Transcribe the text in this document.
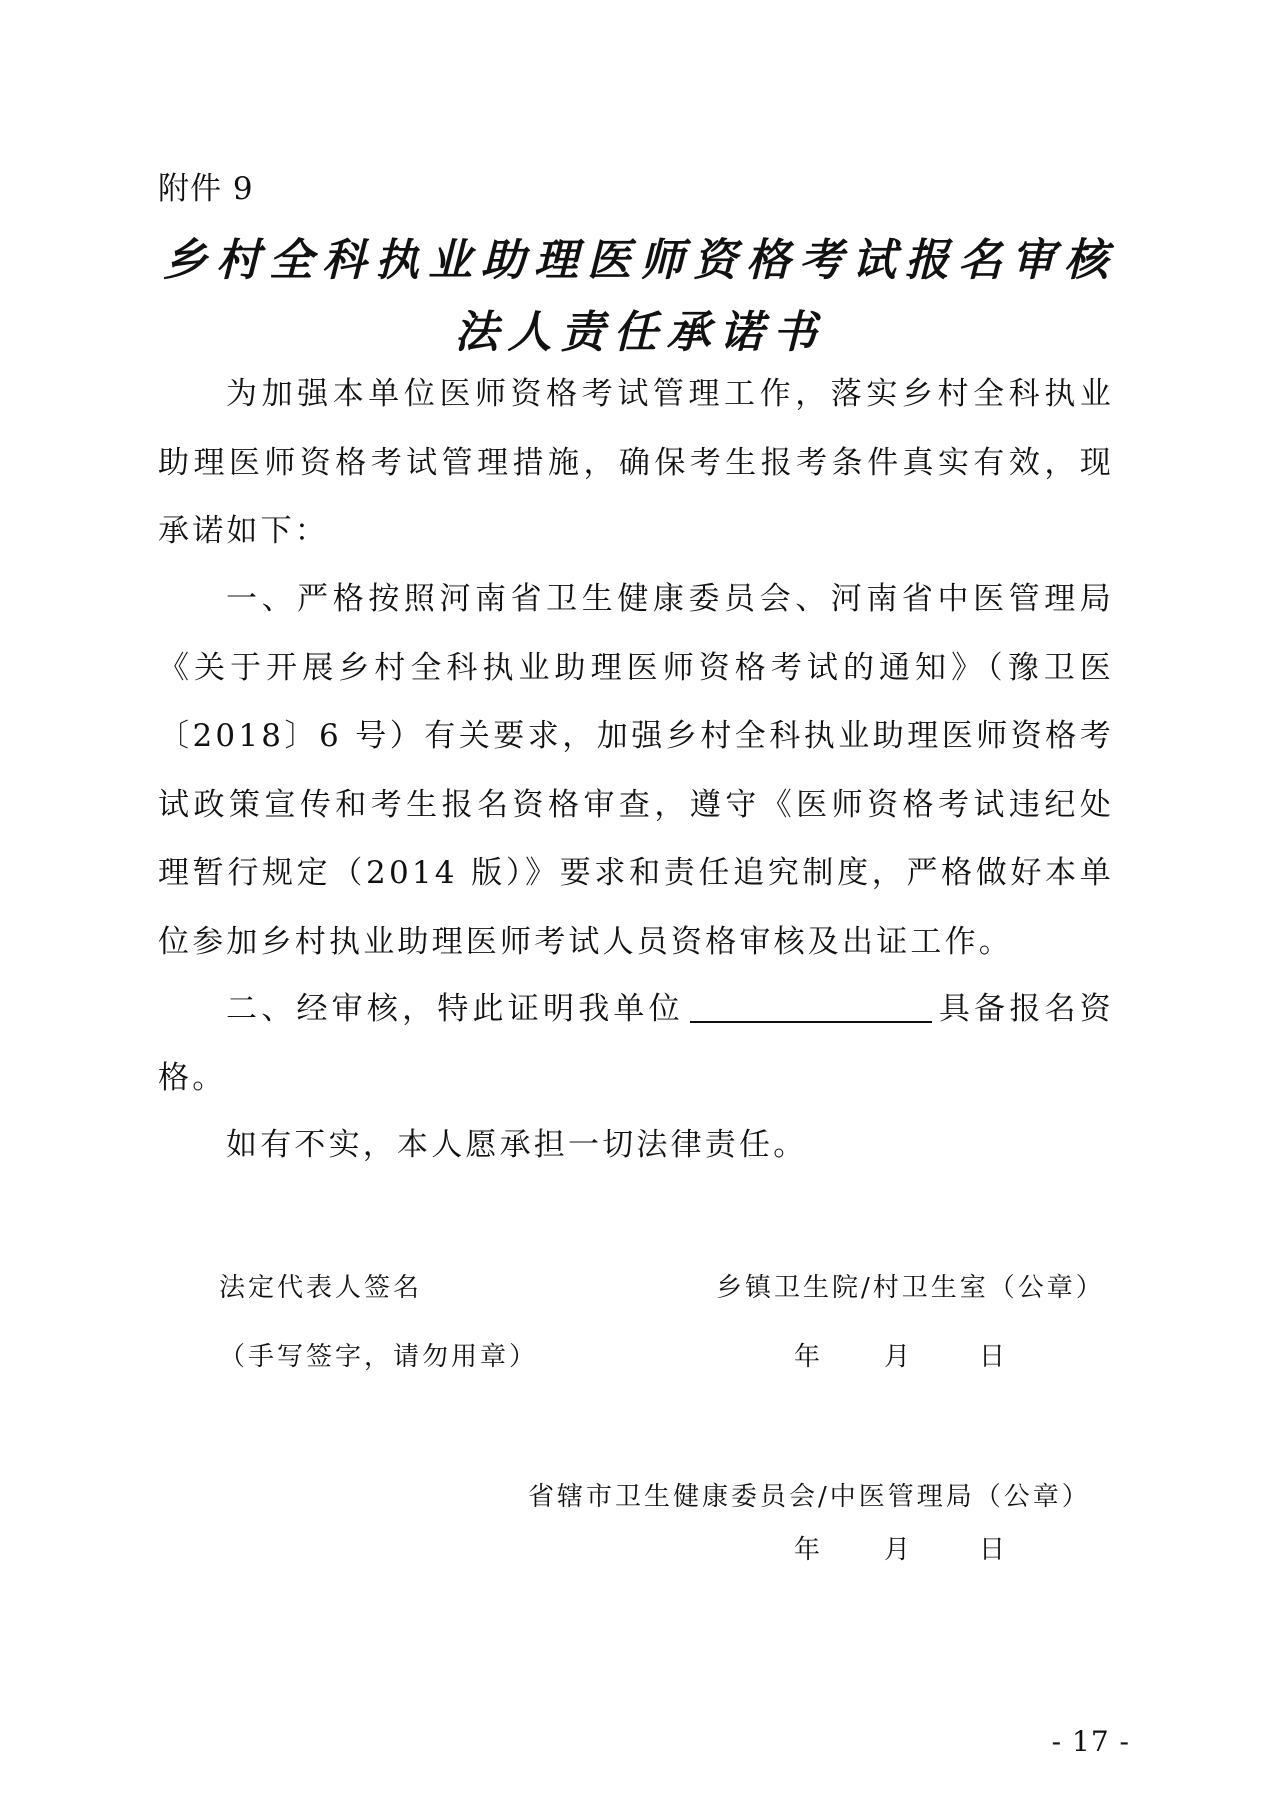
附件 9
乡村全科执业助理医师资格考试报名审核
法人责任承诺书

为加强本单位医师资格考试管理工作，落实乡村全科执业助理医师资格考试管理措施，确保考生报考条件真实有效，现承诺如下：

一、严格按照河南省卫生健康委员会、河南省中医管理局《关于开展乡村全科执业助理医师资格考试的通知》（豫卫医〔2018〕6 号）有关要求，加强乡村全科执业助理医师资格考试政策宣传和考生报名资格审查，遵守《医师资格考试违纪处理暂行规定（2014 版）》要求和责任追究制度，严格做好本单位参加乡村执业助理医师考试人员资格审核及出证工作。

二、经审核，特此证明我单位	具备报名资格。

如有不实，本人愿承担一切法律责任。

法定代表人签名
（手写签字，请勿用章）
乡镇卫生院/村卫生室（公章）
年 月	日
省辖市卫生健康委员会/中医管理局（公章）
年 月	日
- 17 -
